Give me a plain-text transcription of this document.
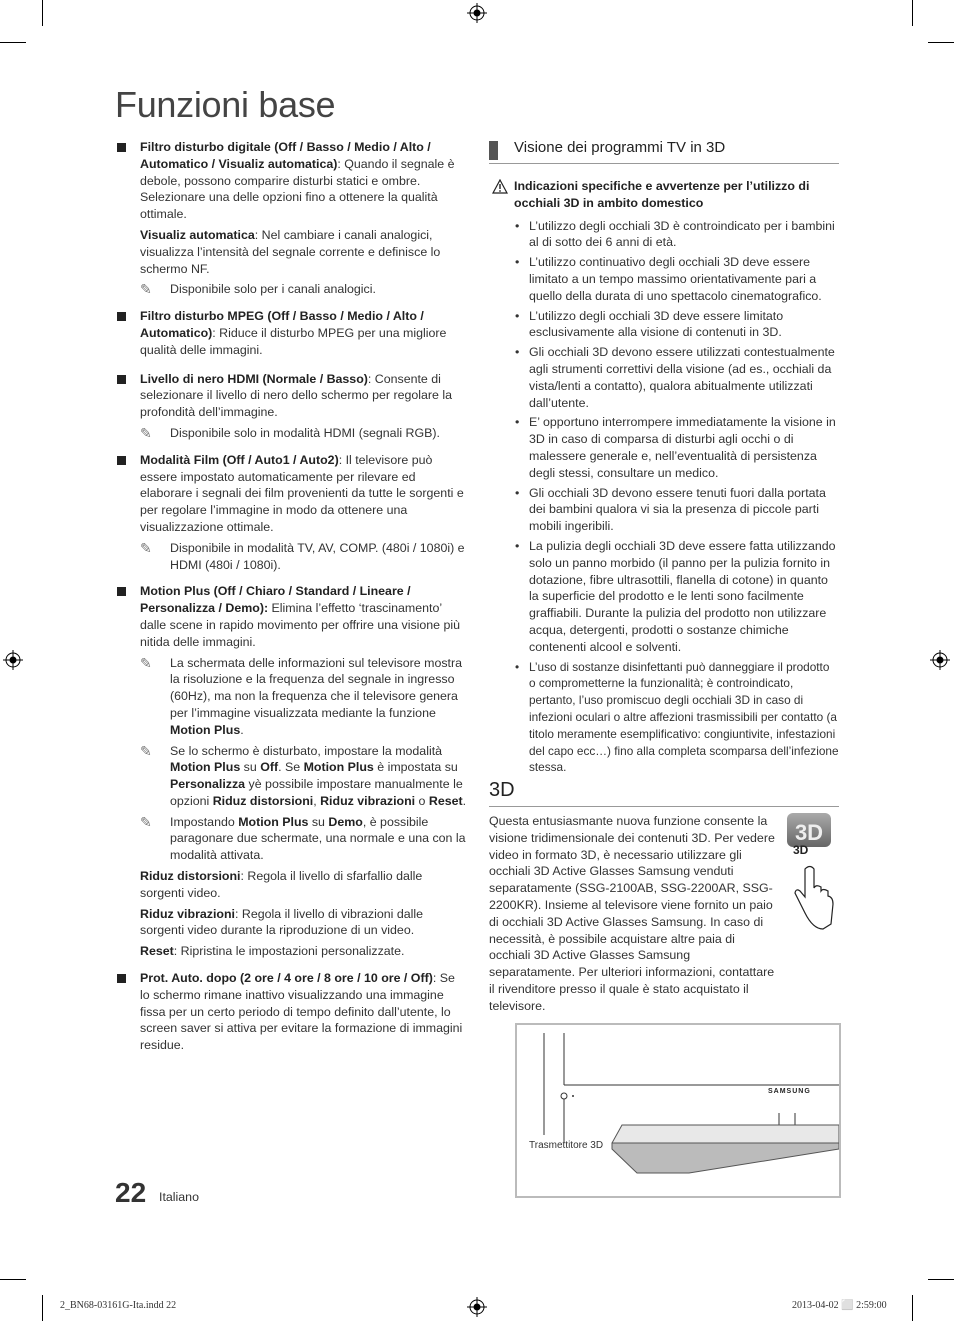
Funzioni base

Filtro disturbo digitale (Off / Basso / Medio / Alto / Automatico / Visualiz automatica): Quando il segnale è debole, possono comparire disturbi statici e ombre. Selezionare una delle opzioni fino a ottenere la qualità ottimale.

Visualiz automatica: Nel cambiare i canali analogici, visualizza l’intensità del segnale corrente e definisce lo schermo NF.

✎ Disponibile solo per i canali analogici.

Filtro disturbo MPEG (Off / Basso / Medio / Alto / Automatico): Riduce il disturbo MPEG per una migliore qualità delle immagini.

Livello di nero HDMI (Normale / Basso): Consente di selezionare il livello di nero dello schermo per regolare la profondità dell’immagine.

✎ Disponibile solo in modalità HDMI (segnali RGB).

Modalità Film (Off / Auto1 / Auto2): Il televisore può essere impostato automaticamente per rilevare ed elaborare i segnali dei film provenienti da tutte le sorgenti e per regolare l’immagine in modo da ottenere una visualizzazione ottimale.

✎ Disponibile in modalità TV, AV, COMP. (480i / 1080i) e HDMI (480i / 1080i).

Motion Plus (Off / Chiaro / Standard / Lineare / Personalizza / Demo): Elimina l’effetto ‘trascinamento’ dalle scene in rapido movimento per offrire una visione più nitida delle immagini.

✎ La schermata delle informazioni sul televisore mostra la risoluzione e la frequenza del segnale in ingresso (60Hz), ma non la frequenza che il televisore genera per l’immagine visualizzata mediante la funzione Motion Plus.
✎ Se lo schermo è disturbato, impostare la modalità Motion Plus su Off. Se Motion Plus è impostata su Personalizza yè possibile impostare manualmente le opzioni Riduz distorsioni, Riduz vibrazioni o Reset.
✎ Impostando Motion Plus su Demo, è possibile paragonare due schermate, una normale e una con la modalità attivata.

Riduz distorsioni: Regola il livello di sfarfallio dalle sorgenti video.

Riduz vibrazioni: Regola il livello di vibrazioni dalle sorgenti video durante la riproduzione di un video.

Reset: Ripristina le impostazioni personalizzate.

Prot. Auto. dopo (2 ore / 4 ore / 8 ore / 10 ore / Off): Se lo schermo rimane inattivo visualizzando una immagine fissa per un certo periodo di tempo definito dall’utente, lo screen saver si attiva per evitare la formazione di immagini residue.

Visione dei programmi TV in 3D
Indicazioni specifiche e avvertenze per l’utilizzo di occhiali 3D in ambito domestico
• L’utilizzo degli occhiali 3D è controindicato per i bambini al di sotto dei 6 anni di età.
• L’utilizzo continuativo degli occhiali 3D deve essere limitato a un tempo massimo orientativamente pari a quello della durata di uno spettacolo cinematografico.
• L’utilizzo degli occhiali 3D deve essere limitato esclusivamente alla visione di contenuti in 3D.
• Gli occhiali 3D devono essere utilizzati contestualmente agli strumenti correttivi della visione (ad es., occhiali da vista/lenti a contatto), qualora abitualmente utilizzati dall’utente.
• E’ opportuno interrompere immediatamente la visione in 3D in caso di comparsa di disturbi agli occhi o di malessere generale e, nell’eventualità di persistenza degli stessi, consultare un medico.
• Gli occhiali 3D devono essere tenuti fuori dalla portata dei bambini qualora vi sia la presenza di piccole parti mobili ingeribili.
• La pulizia degli occhiali 3D deve essere fatta utilizzando solo un panno morbido (il panno per la pulizia fornito in dotazione, fibre ultrasottili, flanella di cotone) in quanto la superficie del prodotto e le lenti sono facilmente graffiabili. Durante la pulizia del prodotto non utilizzare acqua, detergenti, prodotti o sostanze chimiche contenenti alcool e solventi.
• L’uso di sostanze disinfettanti può danneggiare il prodotto o comprometterne la funzionalità; è controindicato, pertanto, l’uso promiscuo degli occhiali 3D in caso di infezioni oculari o altre affezioni trasmissibili per contatto (a titolo meramente esemplificativo: congiuntivite, infestazioni del capo ecc…) fino alla completa scomparsa dell’infezione stessa.
3D
3D
3D

Questa entusiasmante nuova funzione consente la visione tridimensionale dei contenuti 3D. Per vedere video in formato 3D, è necessario utilizzare gli occhiali 3D Active Glasses Samsung venduti separatamente (SSG-2100AB, SSG-2200AR, SSG-2200KR). Insieme al televisore viene fornito un paio di occhiali 3D Active Glasses Samsung. In caso di necessità, è possibile acquistare altre paia di occhiali 3D Active Glasses Samsung separatamente. Per ulteriori informazioni, contattare il rivenditore presso il quale è stato acquistato il televisore.

SAMSUNG
Trasmettitore 3D
22 Italiano
2_BN68-03161G-Ita.indd 22	2013-04-02 ⬜ 2:59:00
